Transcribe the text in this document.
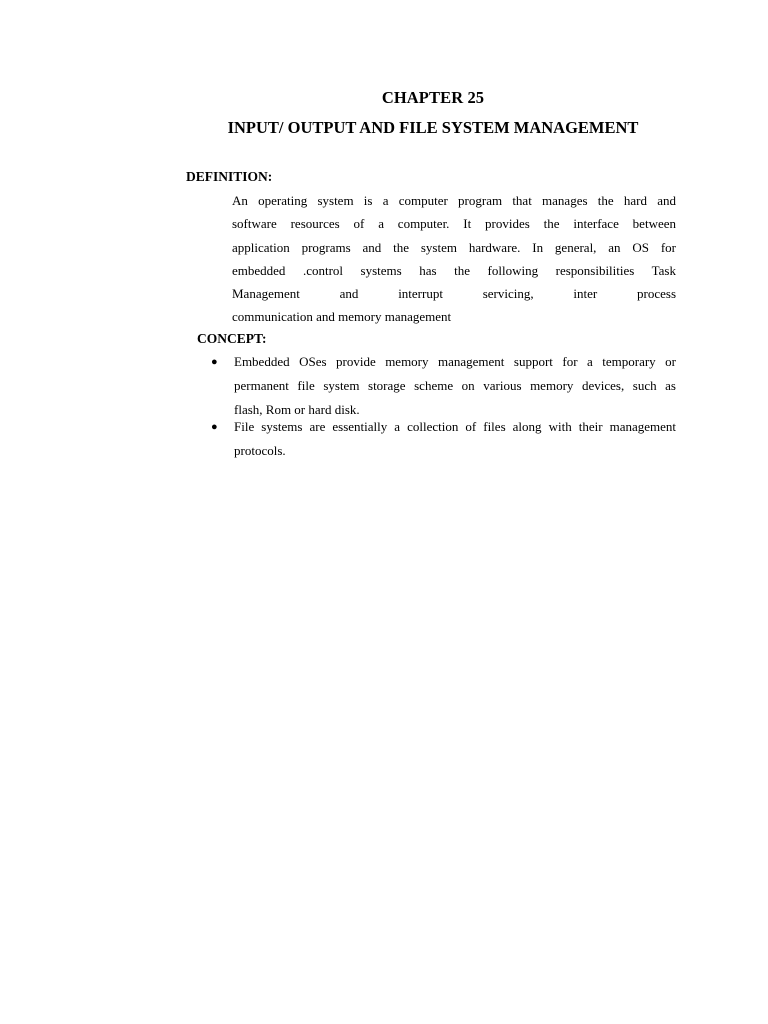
CHAPTER 25
INPUT/ OUTPUT AND FILE SYSTEM MANAGEMENT
DEFINITION:

An operating system is a computer program that manages the hard and
software resources of a computer. It provides the interface between
application programs and the system hardware. In general, an OS for
embedded .control systems has the following responsibilities Task
Management and interrupt servicing, inter process
communication and memory management

CONCEPT:
● Embedded OSes provide memory management support for a temporary or
permanent file system storage scheme on various memory devices, such as
flash, Rom or hard disk.
● File systems are essentially a collection of files along with their management
protocols.
